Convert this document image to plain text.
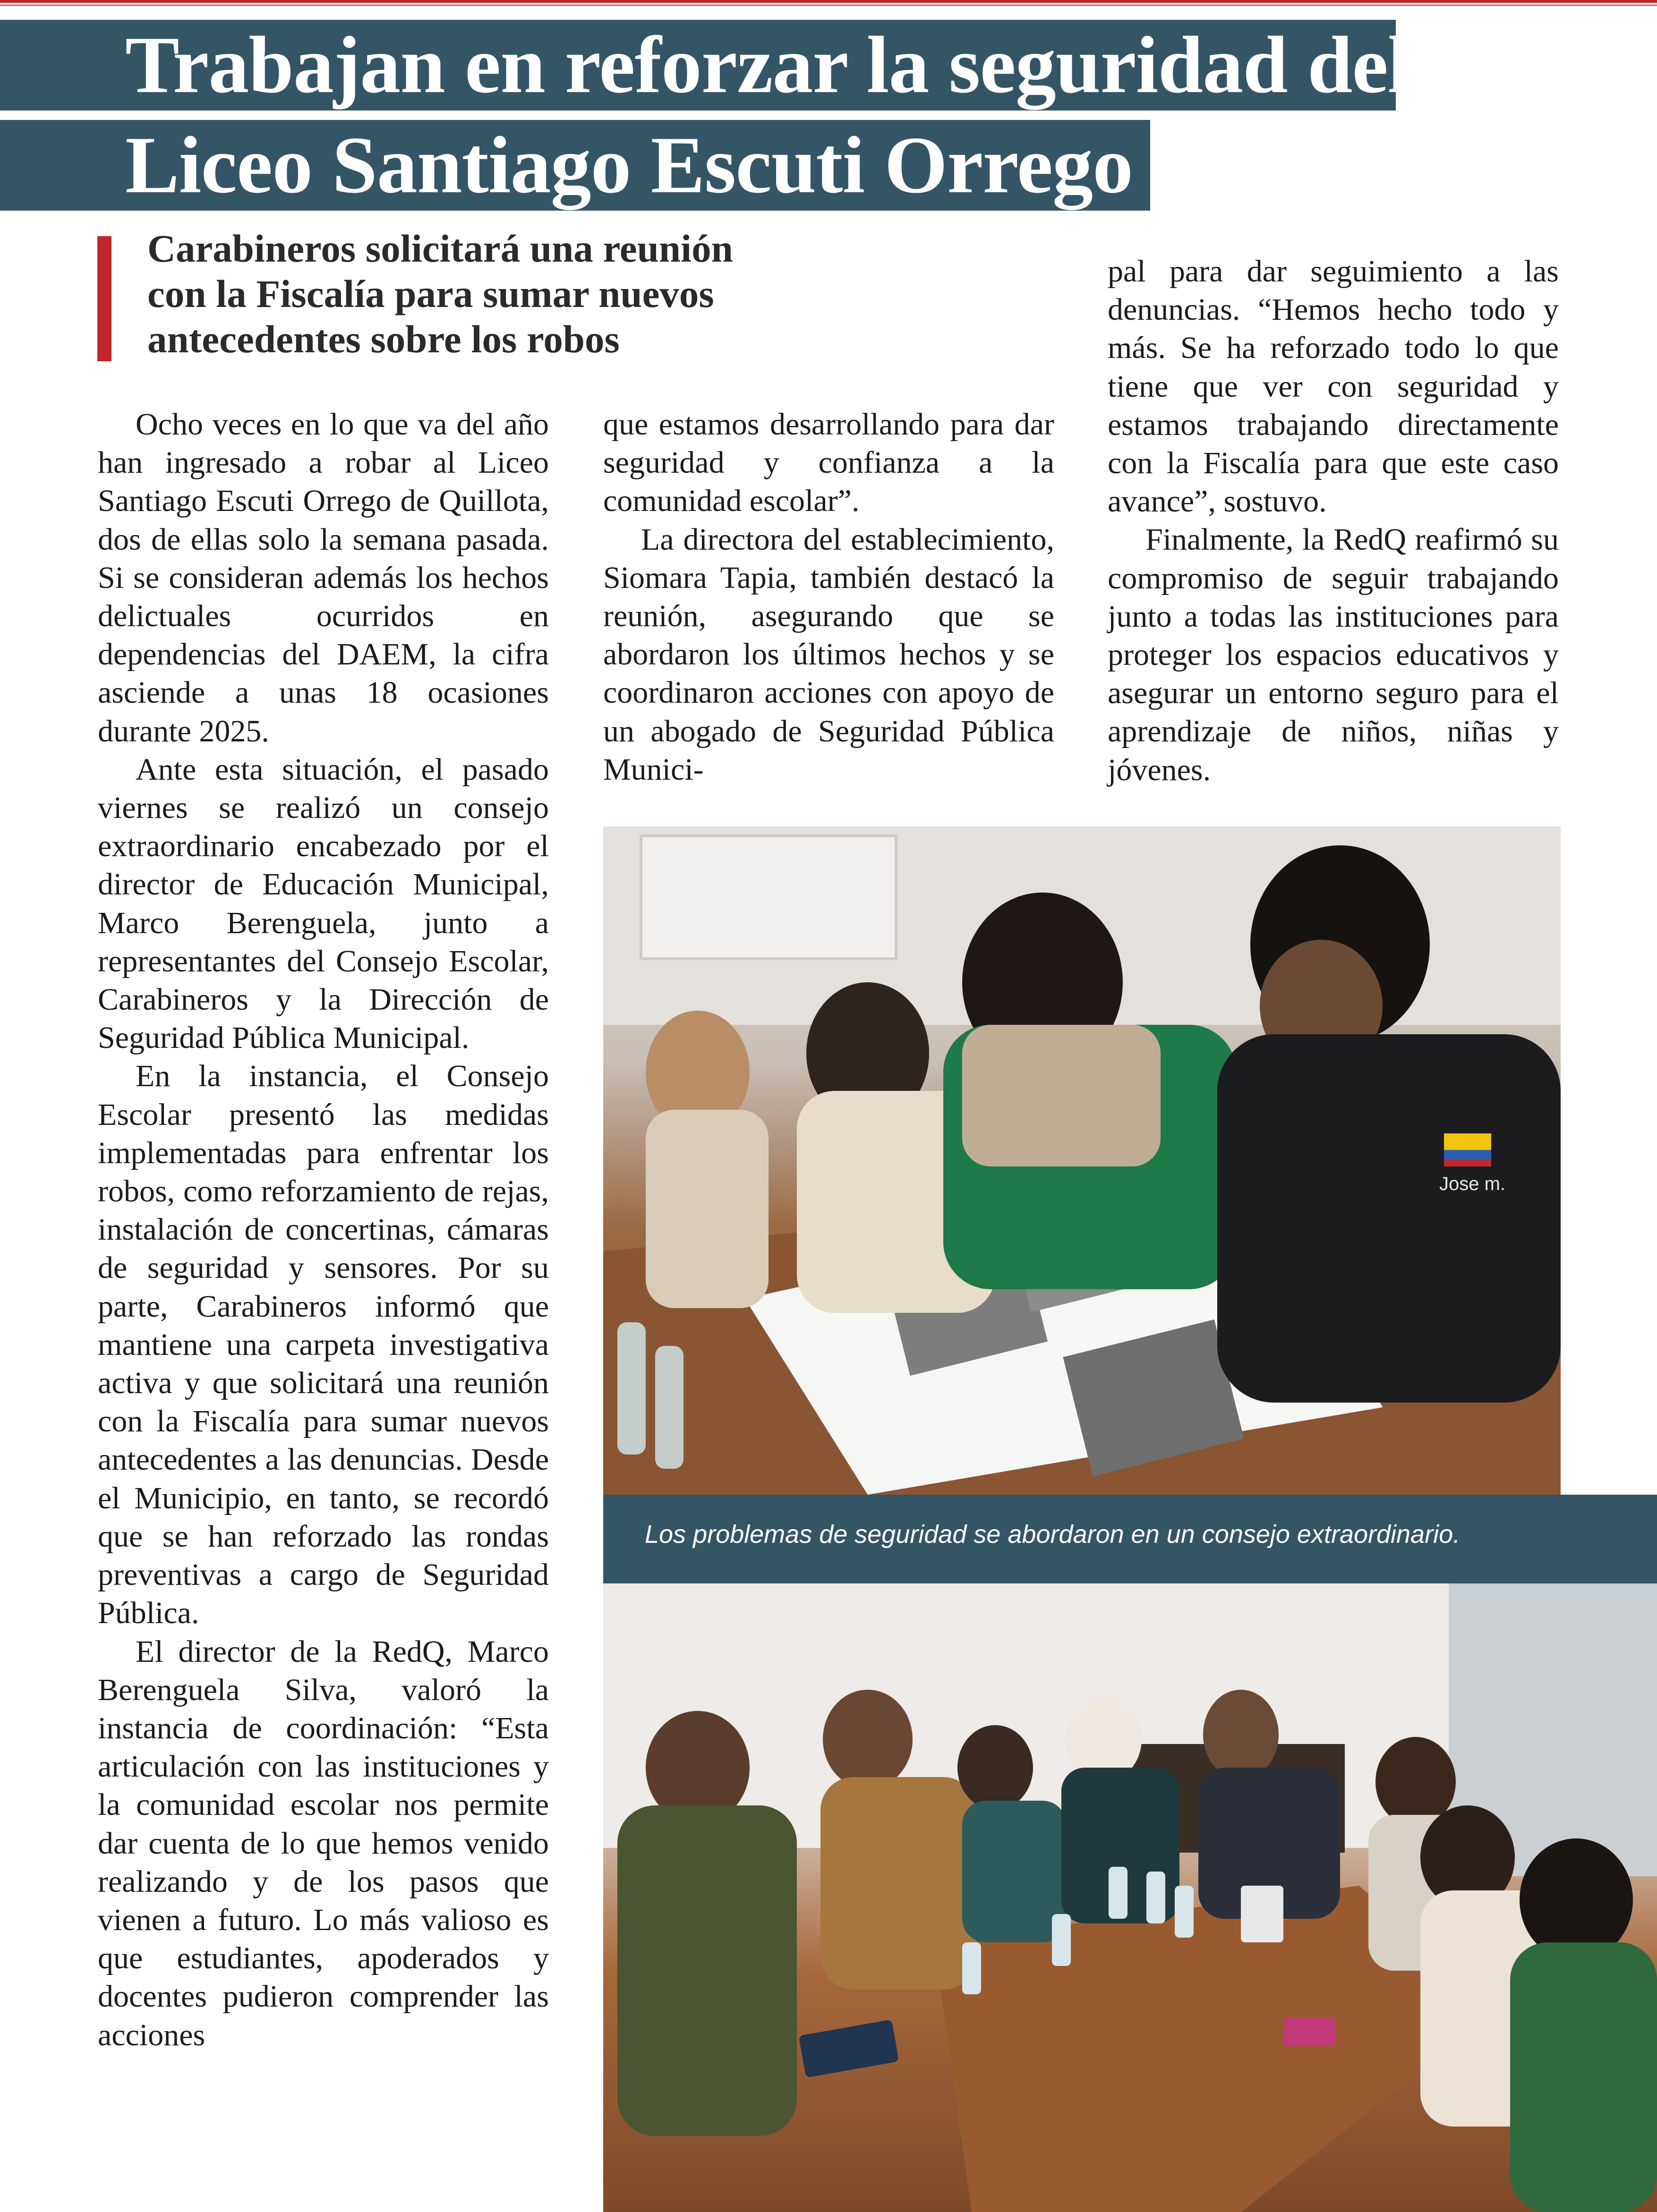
Trabajan en reforzar la seguridad del
Liceo Santiago Escuti Orrego
Carabineros solicitará una reunión
con la Fiscalía para sumar nuevos
antecedentes sobre los robos

Ocho veces en lo que va del año han ingresado a robar al Liceo Santiago Escuti Orrego de Quillota, dos de ellas solo la semana pasada. Si se consideran además los hechos delictuales ocurridos en dependencias del DAEM, la cifra asciende a unas 18 ocasiones durante 2025.

Ante esta situación, el pasado viernes se realizó un consejo extraordinario encabezado por el director de Educación Municipal, Marco Berenguela, junto a representantes del Consejo Escolar, Carabineros y la Dirección de Seguridad Pública Municipal.

En la instancia, el Consejo Escolar presentó las medidas implementadas para enfrentar los robos, como reforzamiento de rejas, instalación de concertinas, cámaras de seguridad y sensores. Por su parte, Carabineros informó que mantiene una carpeta investigativa activa y que solicitará una reunión con la Fiscalía para sumar nuevos antecedentes a las denuncias. Desde el Municipio, en tanto, se recordó que se han reforzado las rondas preventivas a cargo de Seguridad Pública.

El director de la RedQ, Marco Berenguela Silva, valoró la instancia de coordinación: “Esta articulación con las instituciones y la comunidad escolar nos permite dar cuenta de lo que hemos venido realizando y de los pasos que vienen a futuro. Lo más valioso es que estudiantes, apoderados y docentes pudieron comprender las acciones

que estamos desarrollando para dar seguridad y confianza a la comunidad escolar”.

La directora del establecimiento, Siomara Tapia, también destacó la reunión, asegurando que se abordaron los últimos hechos y se coordinaron acciones con apoyo de un abogado de Seguridad Pública Munici-

pal para dar seguimiento a las denuncias. “Hemos hecho todo y más. Se ha reforzado todo lo que tiene que ver con seguridad y estamos trabajando directamente con la Fiscalía para que este caso avance”, sostuvo.

Finalmente, la RedQ reafirmó su compromiso de seguir trabajando junto a todas las instituciones para proteger los espacios educativos y asegurar un entorno seguro para el aprendizaje de niños, niñas y jóvenes.

Jose m.
Los problemas de seguridad se abordaron en un consejo extraordinario.
